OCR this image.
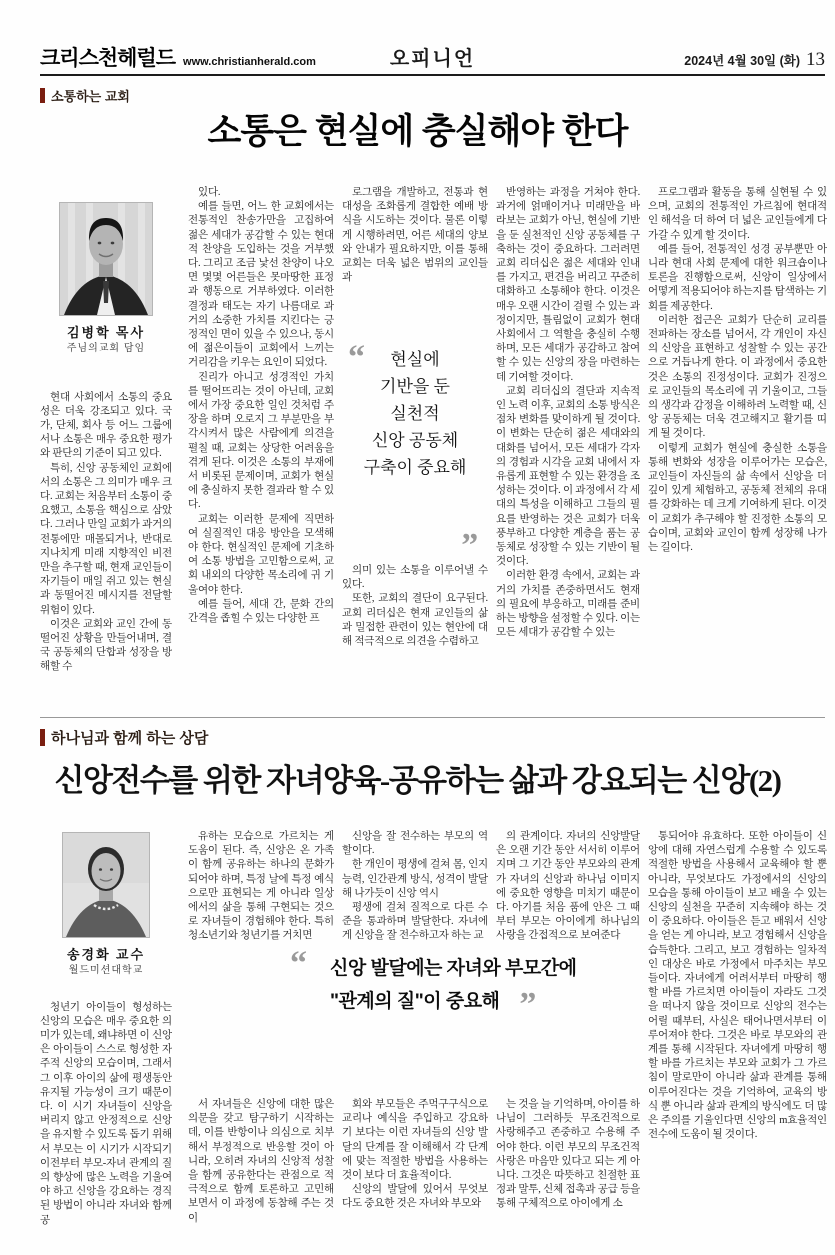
크리스천헤럴드 www.christianherald.com	오피니언	2024년 4월 30일 (화) 13
소통하는 교회
소통은 현실에 충실해야 한다
김병학 목사
주님의교회 담임

현대 사회에서 소통의 중요성은 더욱 강조되고 있다. 국가, 단체, 회사 등 어느 그룹에서나 소통은 매우 중요한 평가와 판단의 기준이 되고 있다.

특히, 신앙 공동체인 교회에서의 소통은 그 의미가 매우 크다. 교회는 처음부터 소통이 중요했고, 소통을 핵심으로 삼았다. 그러나 만일 교회가 과거의 전통에만 매몰되거나, 반대로 지나치게 미래 지향적인 비전만을 추구할 때, 현재 교인들이 자기들이 매일 쥐고 있는 현실과 동떨어진 메시지를 전달할 위험이 있다.

이것은 교회와 교인 간에 동떨어진 상황을 만들어내며, 결국 공동체의 단합과 성장을 방해할 수

있다.

예를 들면, 어느 한 교회에서는 전통적인 찬송가만을 고집하여 젊은 세대가 공감할 수 있는 현대적 찬양을 도입하는 것을 거부했다. 그리고 조금 낯선 찬양이 나오면 몇몇 어른들은 못마땅한 표정과 행동으로 거부하였다. 이러한 결정과 태도는 자기 나름대로 과거의 소중한 가치를 지킨다는 긍정적인 면이 있을 수 있으나, 동시에 젊은이들이 교회에서 느끼는 거리감을 키우는 요인이 되었다.

진리가 아니고 성경적인 가치를 떨어뜨리는 것이 아닌데, 교회에서 가장 중요한 일인 것처럼 주장을 하며 오로지 그 부분만을 부각시켜서 많은 사람에게 의견을 펼칠 때, 교회는 상당한 어려움을 겪게 된다. 이것은 소통의 부재에서 비롯된 문제이며, 교회가 현실에 충실하지 못한 결과라 할 수 있다.

교회는 이러한 문제에 직면하여 실질적인 대응 방안을 모색해야 한다. 현실적인 문제에 기초하여 소통 방법을 고민함으로써, 교회 내외의 다양한 목소리에 귀 기울여야 한다.

예를 들어, 세대 간, 문화 간의 간격을 좁힐 수 있는 다양한 프

로그램을 개발하고, 전통과 현대성을 조화롭게 결합한 예배 방식을 시도하는 것이다. 물론 이렇게 시행하려면, 어른 세대의 양보와 안내가 필요하지만, 이를 통해 교회는 더욱 넓은 범위의 교인들과

“	현실에
기반을 둔
실천적
신앙 공동체
구축이 중요해
”

의미 있는 소통을 이루어낼 수 있다.

또한, 교회의 결단이 요구된다. 교회 리더십은 현재 교인들의 삶과 밀접한 관련이 있는 현안에 대해 적극적으로 의견을 수렴하고

반영하는 과정을 거쳐야 한다. 과거에 얽매이거나 미래만을 바라보는 교회가 아닌, 현실에 기반을 둔 실천적인 신앙 공동체를 구축하는 것이 중요하다. 그러려면 교회 리더십은 젊은 세대와 인내를 가지고, 편견을 버리고 꾸준히 대화하고 소통해야 한다. 이것은 매우 오랜 시간이 걸릴 수 있는 과정이지만, 틀림없이 교회가 현대 사회에서 그 역할을 충실히 수행하며, 모든 세대가 공감하고 참여할 수 있는 신앙의 장을 마련하는 데 기여할 것이다.

교회 리더십의 결단과 지속적인 노력 이후, 교회의 소통 방식은 점차 변화를 맞이하게 될 것이다. 이 변화는 단순히 젊은 세대와의 대화를 넘어서, 모든 세대가 각자의 경험과 시각을 교회 내에서 자유롭게 표현할 수 있는 환경을 조성하는 것이다. 이 과정에서 각 세대의 특성을 이해하고 그들의 필요를 반영하는 것은 교회가 더욱 풍부하고 다양한 계층을 품는 공동체로 성장할 수 있는 기반이 될 것이다.

이러한 환경 속에서, 교회는 과거의 가치를 존중하면서도 현재의 필요에 부응하고, 미래를 준비하는 방향을 설정할 수 있다. 이는 모든 세대가 공감할 수 있는

프로그램과 활동을 통해 실현될 수 있으며, 교회의 전통적인 가르침에 현대적인 해석을 더 하여 더 넓은 교인들에게 다가갈 수 있게 할 것이다.

예를 들어, 전통적인 성경 공부뿐만 아니라 현대 사회 문제에 대한 워크숍이나 토론을 진행함으로써, 신앙이 일상에서 어떻게 적용되어야 하는지를 탐색하는 기회를 제공한다.

이러한 접근은 교회가 단순히 교리를 전파하는 장소를 넘어서, 각 개인이 자신의 신앙을 표현하고 성찰할 수 있는 공간으로 거듭나게 한다. 이 과정에서 중요한 것은 소통의 진정성이다. 교회가 진정으로 교인들의 목소리에 귀 기울이고, 그들의 생각과 감정을 이해하려 노력할 때, 신앙 공동체는 더욱 견고해지고 활기를 띠게 될 것이다.

이렇게 교회가 현실에 충실한 소통을 통해 변화와 성장을 이루어가는 모습은, 교인들이 자신들의 삶 속에서 신앙을 더 깊이 있게 체험하고, 공동체 전체의 유대를 강화하는 데 크게 기여하게 된다. 이것이 교회가 추구해야 할 진정한 소통의 모습이며, 교회와 교인이 함께 성장해 나가는 길이다.

하나님과 함께 하는 상담
신앙전수를 위한 자녀양육-공유하는 삶과 강요되는 신앙(2)
송경화 교수
월드미션대학교

청년기 아이들이 형성하는 신앙의 모습은 매우 중요한 의미가 있는데, 왜냐하면 이 신앙은 아이들이 스스로 형성한 자주적 신앙의 모습이며, 그래서 그 이후 아이의 삶에 평생동안 유지될 가능성이 크기 때문이다. 이 시기 자녀들이 신앙을 버리지 않고 안정적으로 신앙을 유지할 수 있도록 돕기 위해서 부모는 이 시기가 시작되기 이전부터 부모-자녀 관계의 질의 향상에 많은 노력을 기울여야 하고 신앙을 강요하는 경직된 방법이 아니라 자녀와 함께 공

유하는 모습으로 가르치는 게 도움이 된다. 즉, 신앙은 온 가족이 함께 공유하는 하나의 문화가 되어야 하며, 특정 날에 특정 예식으로만 표현되는 게 아니라 일상에서의 삶을 통해 구현되는 것으로 자녀들이 경험해야 한다. 특히 청소년기와 청년기를 거치면

서 자녀들은 신앙에 대한 많은 의문을 갖고 탐구하기 시작하는데, 이를 반항이나 의심으로 치부해서 부정적으로 반응할 것이 아니라, 오히려 자녀의 신앙적 성찰을 함께 공유한다는 관점으로 적극적으로 함께 토론하고 고민해 보면서 이 과정에 동참해 주는 것이

신앙을 잘 전수하는 부모의 역할이다.

한 개인이 평생에 걸쳐 몸, 인지능력, 인간관계 방식, 성격이 발달해 나가듯이 신앙 역시

평생에 걸쳐 질적으로 다른 수준을 통과하며 발달한다. 자녀에게 신앙을 잘 전수하고자 하는 교

회와 부모들은 주먹구구식으로 교리나 예식을 주입하고 강요하기 보다는 이런 자녀들의 신앙 발달의 단계를 잘 이해해서 각 단계에 맞는 적절한 방법을 사용하는 것이 보다 더 효율적이다.

신앙의 발달에 있어서 무엇보다도 중요한 것은 자녀와 부모와

의 관계이다. 자녀의 신앙발달은 오랜 기간 동안 서서히 이루어지며 그 기간 동안 부모와의 관계가 자녀의 신앙과 하나님 이미지에 중요한 영향을 미치기 때문이다. 아기를 처음 품에 안은 그 때부터 부모는 아이에게 하나님의 사랑을 간접적으로 보여준다

는 것을 늘 기억하며, 아이를 하나님이 그러하듯 무조건적으로 사랑해주고 존중하고 수용해 주어야 한다. 이런 부모의 무조건적 사랑은 마음만 있다고 되는 게 아니다. 그것은 따뜻하고 친절한 표정과 말투, 신체 접촉과 공급 등을 통해 구체적으로 아이에게 소

통되어야 유효하다. 또한 아이들이 신앙에 대해 자연스럽게 수용할 수 있도록 적절한 방법을 사용해서 교육해야 할 뿐 아니라, 무엇보다도 가정에서의 신앙의 모습을 통해 아이들이 보고 배울 수 있는 신앙의 실천을 꾸준히 지속해야 하는 것이 중요하다. 아이들은 듣고 배워서 신앙을 얻는 게 아니라, 보고 경험해서 신앙을 습득한다. 그리고, 보고 경험하는 일차적인 대상은 바로 가정에서 마주치는 부모들이다. 자녀에게 어려서부터 마땅히 행할 바를 가르치면 아이들이 자라도 그것을 떠나지 않을 것이므로 신앙의 전수는 어릴 때부터, 사실은 태어나면서부터 이루어져야 한다. 그것은 바로 부모와의 관계를 통해 시작된다. 자녀에게 마땅히 행할 바를 가르치는 부모와 교회가 그 가르침이 말로만이 아니라 삶과 관계를 통해 이루어진다는 것을 기억하여, 교육의 방식 뿐 아니라 삶과 관계의 방식에도 더 많은 주의를 기울인다면 신앙의 m효율적인 전수에 도움이 될 것이다.

“ 신앙 발달에는 자녀와 부모간에
"관계의 질"이 중요해 ”
